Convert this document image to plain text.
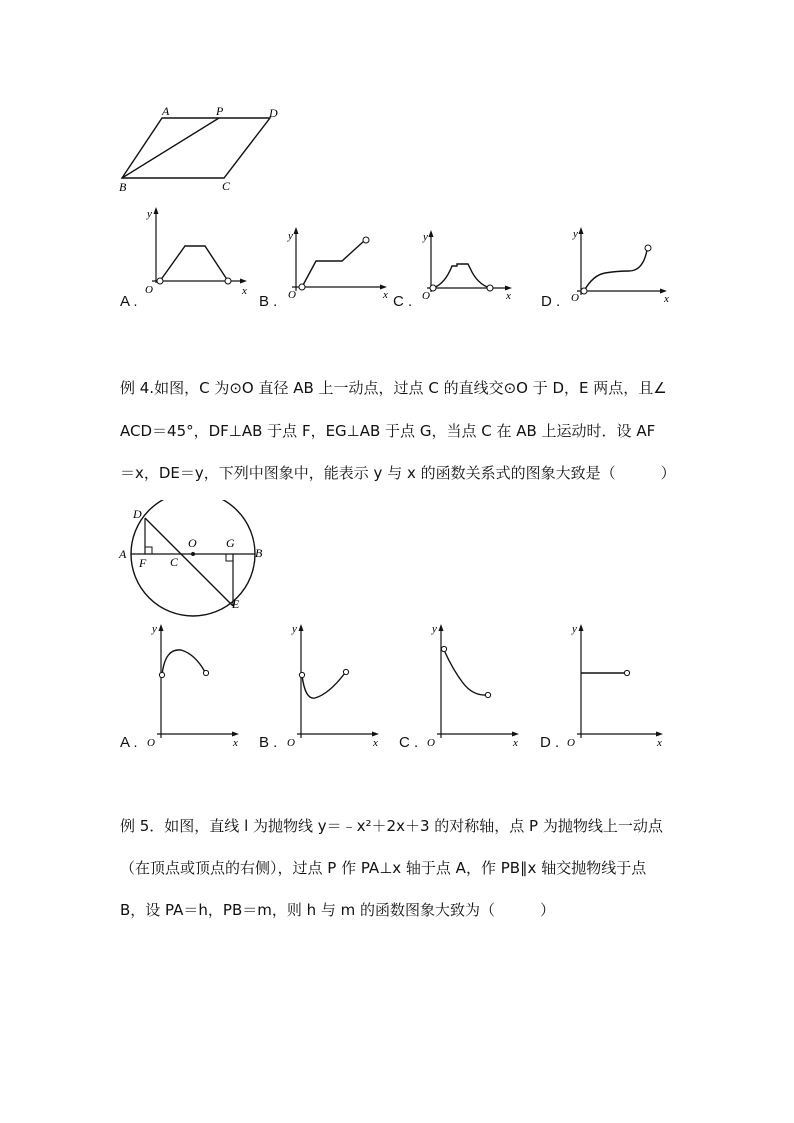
A	P	D
B	C
y
x
O
A .
y
x
O
B .
y
x
O
C .
y
x
O
D .
例 4.如图，C 为⊙O 直径 AB 上一动点，过点 C 的直线交⊙O 于 D，E 两点，且∠
ACD＝45°，DF⊥AB 于点 F，EG⊥AB 于点 G，当点 C 在 AB 上运动时．设 AF
＝x，DE＝y，下列中图象中，能表示 y 与 x 的函数关系式的图象大致是（　　　）
D
A
F C
O G
B
E
y
x
O
A .
y
x
O
B .
y
x
O
C .
y
x
O
D .
例 5．如图，直线 l 为抛物线 y＝﹣x²＋2x＋3 的对称轴，点 P 为抛物线上一动点
（在顶点或顶点的右侧），过点 P 作 PA⊥x 轴于点 A，作 PB∥x 轴交抛物线于点
B，设 PA＝h，PB＝m，则 h 与 m 的函数图象大致为（　　　）
